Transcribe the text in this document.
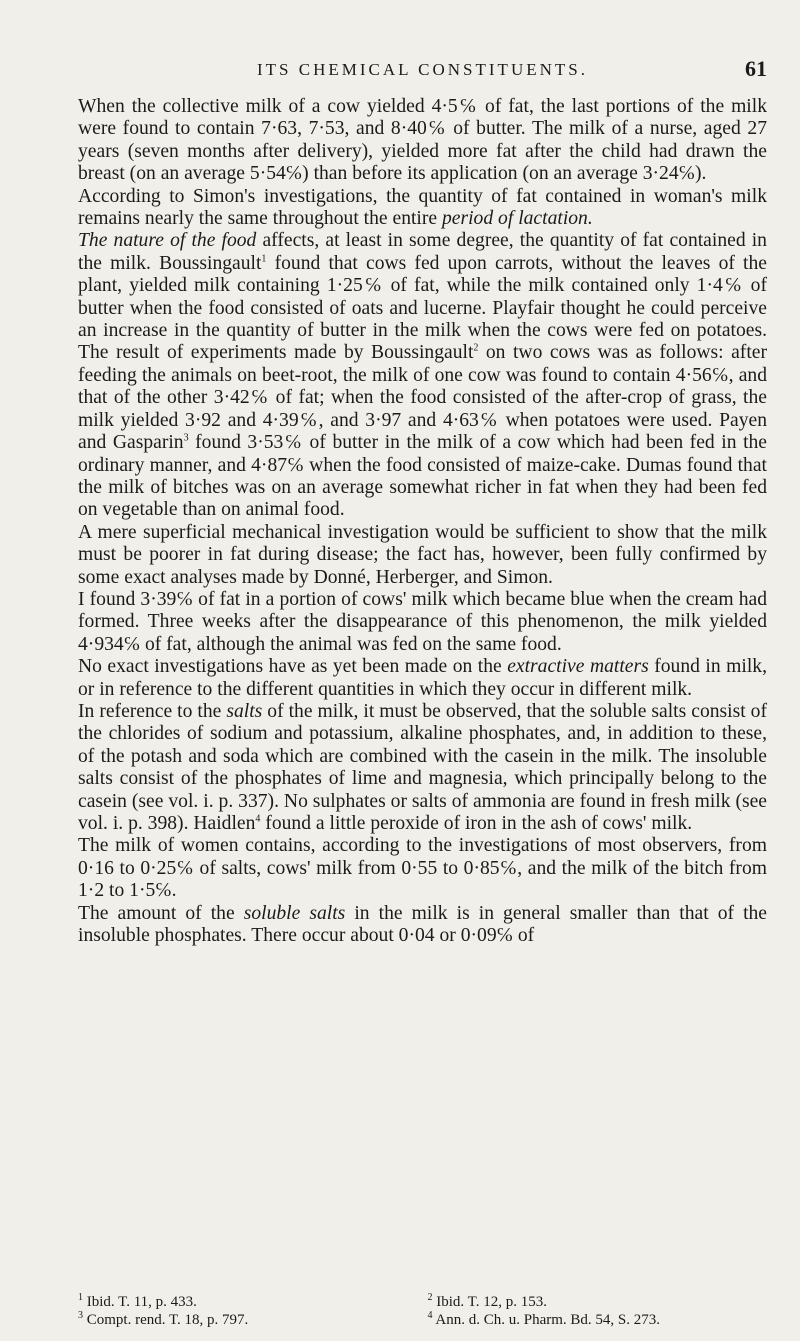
ITS CHEMICAL CONSTITUENTS.	61

When the collective milk of a cow yielded 4·5℅ of fat, the last portions of the milk were found to contain 7·63, 7·53, and 8·40℅ of butter. The milk of a nurse, aged 27 years (seven months after delivery), yielded more fat after the child had drawn the breast (on an average 5·54℅) than before its application (on an average 3·24℅).

According to Simon's investigations, the quantity of fat contained in woman's milk remains nearly the same throughout the entire period of lactation.

The nature of the food affects, at least in some degree, the quantity of fat contained in the milk. Boussingault$^1$ found that cows fed upon carrots, without the leaves of the plant, yielded milk containing 1·25℅ of fat, while the milk contained only 1·4℅ of butter when the food consisted of oats and lucerne. Playfair thought he could perceive an increase in the quantity of butter in the milk when the cows were fed on potatoes. The result of experiments made by Boussingault$^2$ on two cows was as follows: after feeding the animals on beet-root, the milk of one cow was found to contain 4·56℅, and that of the other 3·42℅ of fat; when the food consisted of the after-crop of grass, the milk yielded 3·92 and 4·39℅, and 3·97 and 4·63℅ when potatoes were used. Payen and Gasparin$^3$ found 3·53℅ of butter in the milk of a cow which had been fed in the ordinary manner, and 4·87℅ when the food consisted of maize-cake. Dumas found that the milk of bitches was on an average somewhat richer in fat when they had been fed on vegetable than on animal food.

A mere superficial mechanical investigation would be sufficient to show that the milk must be poorer in fat during disease; the fact has, however, been fully confirmed by some exact analyses made by Donné, Herberger, and Simon.

I found 3·39℅ of fat in a portion of cows' milk which became blue when the cream had formed. Three weeks after the disappearance of this phenomenon, the milk yielded 4·934℅ of fat, although the animal was fed on the same food.

No exact investigations have as yet been made on the extractive matters found in milk, or in reference to the different quantities in which they occur in different milk.

In reference to the salts of the milk, it must be observed, that the soluble salts consist of the chlorides of sodium and potassium, alkaline phosphates, and, in addition to these, of the potash and soda which are combined with the casein in the milk. The insoluble salts consist of the phosphates of lime and magnesia, which principally belong to the casein (see vol. i. p. 337). No sulphates or salts of ammonia are found in fresh milk (see vol. i. p. 398). Haidlen$^4$ found a little peroxide of iron in the ash of cows' milk.

The milk of women contains, according to the investigations of most observers, from 0·16 to 0·25℅ of salts, cows' milk from 0·55 to 0·85℅, and the milk of the bitch from 1·2 to 1·5℅.

The amount of the soluble salts in the milk is in general smaller than that of the insoluble phosphates. There occur about 0·04 or 0·09℅ of

$^1$ Ibid. T. 11, p. 433.	$^2$ Ibid. T. 12, p. 153.
$^3$ Compt. rend. T. 18, p. 797.	$^4$ Ann. d. Ch. u. Pharm. Bd. 54, S. 273.
